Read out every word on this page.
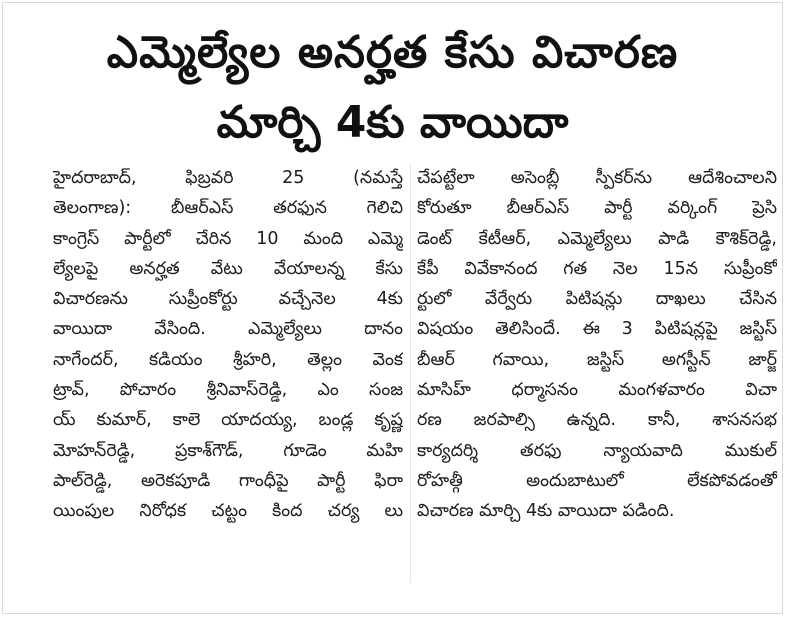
ఎమ్మెల్యేల అనర్హత కేసు విచారణ
మార్చి 4కు వాయిదా
హైదరాబాద్, ఫిబ్రవరి 25 (నమస్తే
తెలంగాణ): బీఆర్ఎస్ తరఫున గెలిచి
కాంగ్రెస్ పార్టీలో చేరిన 10 మంది ఎమ్మె
ల్యేలపై అనర్హత వేటు వేయాలన్న కేసు
విచారణను సుప్రీంకోర్టు వచ్చేనెల 4కు
వాయిదా వేసింది. ఎమ్మెల్యేలు దానం
నాగేందర్, కడియం శ్రీహరి, తెల్లం వెంక
ట్రావ్, పోచారం శ్రీనివాస్‌రెడ్డి, ఎం సంజ
య్ కుమార్, కాలె యాదయ్య, బండ్ల కృష్ణ
మోహన్‌రెడ్డి, ప్రకాశ్‌గౌడ్, గూడెం మహి
పాల్‌రెడ్డి, అరెకపూడి గాంధీపై పార్టీ ఫిరా
యింపుల నిరోధక చట్టం కింద చర్య లు
చేపట్టేలా అసెంబ్లీ స్పీకర్‌ను ఆదేశించాలని
కోరుతూ బీఆర్ఎస్ పార్టీ వర్కింగ్ ప్రెసి
డెంట్ కేటీఆర్, ఎమ్మెల్యేలు పాడి కౌశిక్‌రెడ్డి,
కేపీ వివేకానంద గత నెల 15న సుప్రీంకో
ర్టులో వేర్వేరు పిటిషన్లు దాఖలు చేసిన
విషయం తెలిసిందే. ఈ 3 పిటిషన్లపై జస్టిస్
బీఆర్ గవాయి, జస్టిస్ అగస్టీన్ జార్జ్
మాసిహ్ ధర్మాసనం మంగళవారం విచా
రణ జరపాల్సి ఉన్నది. కానీ, శాసనసభ
కార్యదర్శి తరఫు న్యాయవాది ముకుల్
రోహత్గీ అందుబాటులో లేకపోవడంతో
విచారణ మార్చి 4కు వాయిదా పడింది.
